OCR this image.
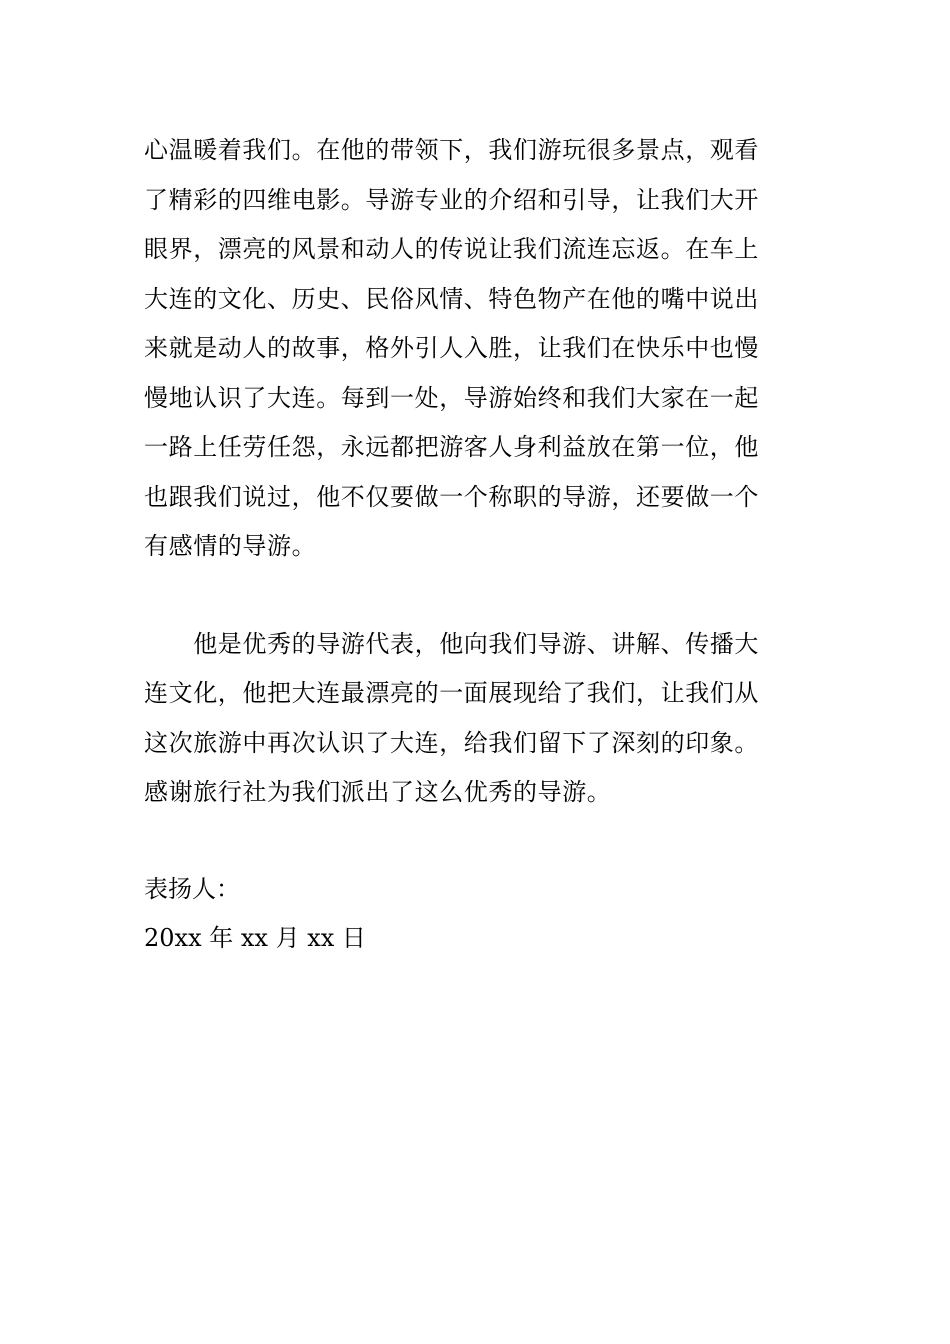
心温暖着我们。在他的带领下，我们游玩很多景点，观看
了精彩的四维电影。导游专业的介绍和引导，让我们大开
眼界，漂亮的风景和动人的传说让我们流连忘返。在车上
大连的文化、历史、民俗风情、特色物产在他的嘴中说出
来就是动人的故事，格外引人入胜，让我们在快乐中也慢
慢地认识了大连。每到一处，导游始终和我们大家在一起
一路上任劳任怨，永远都把游客人身利益放在第一位，他
也跟我们说过，他不仅要做一个称职的导游，还要做一个
有感情的导游。
　　他是优秀的导游代表，他向我们导游、讲解、传播大
连文化，他把大连最漂亮的一面展现给了我们，让我们从
这次旅游中再次认识了大连，给我们留下了深刻的印象。
感谢旅行社为我们派出了这么优秀的导游。
表扬人：
20xx 年 xx 月 xx 日
